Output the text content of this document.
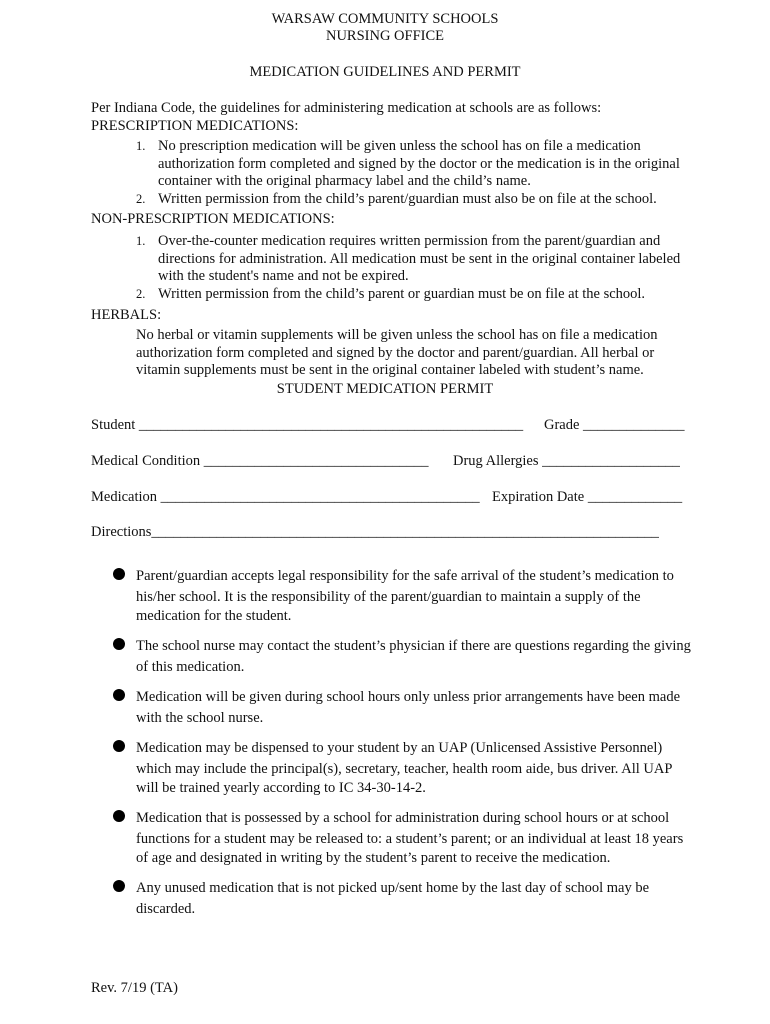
WARSAW COMMUNITY SCHOOLS
NURSING OFFICE
MEDICATION GUIDELINES AND PERMIT
Per Indiana Code, the guidelines for administering medication at schools are as follows:
PRESCRIPTION MEDICATIONS:
1. No prescription medication will be given unless the school has on file a medication
authorization form completed and signed by the doctor or the medication is in the original
container with the original pharmacy label and the child’s name.
2. Written permission from the child’s parent/guardian must also be on file at the school.
NON-PRESCRIPTION MEDICATIONS:
1. Over-the-counter medication requires written permission from the parent/guardian and
directions for administration. All medication must be sent in the original container labeled
with the student's name and not be expired.
2. Written permission from the child’s parent or guardian must be on file at the school.
HERBALS:
No herbal or vitamin supplements will be given unless the school has on file a medication
authorization form completed and signed by the doctor and parent/guardian. All herbal or
vitamin supplements must be sent in the original container labeled with student’s name.
STUDENT MEDICATION PERMIT
Student _____________________________________________________ Grade ______________
Medical Condition _______________________________ Drug Allergies ___________________
Medication ____________________________________________ Expiration Date _____________
Directions______________________________________________________________________
Parent/guardian accepts legal responsibility for the safe arrival of the student’s medication to
his/her school. It is the responsibility of the parent/guardian to maintain a supply of the
medication for the student.
The school nurse may contact the student’s physician if there are questions regarding the giving
of this medication.
Medication will be given during school hours only unless prior arrangements have been made
with the school nurse.
Medication may be dispensed to your student by an UAP (Unlicensed Assistive Personnel)
which may include the principal(s), secretary, teacher, health room aide, bus driver. All UAP
will be trained yearly according to IC 34-30-14-2.
Medication that is possessed by a school for administration during school hours or at school
functions for a student may be released to: a student’s parent; or an individual at least 18 years
of age and designated in writing by the student’s parent to receive the medication.
Any unused medication that is not picked up/sent home by the last day of school may be
discarded.
Rev. 7/19 (TA)
